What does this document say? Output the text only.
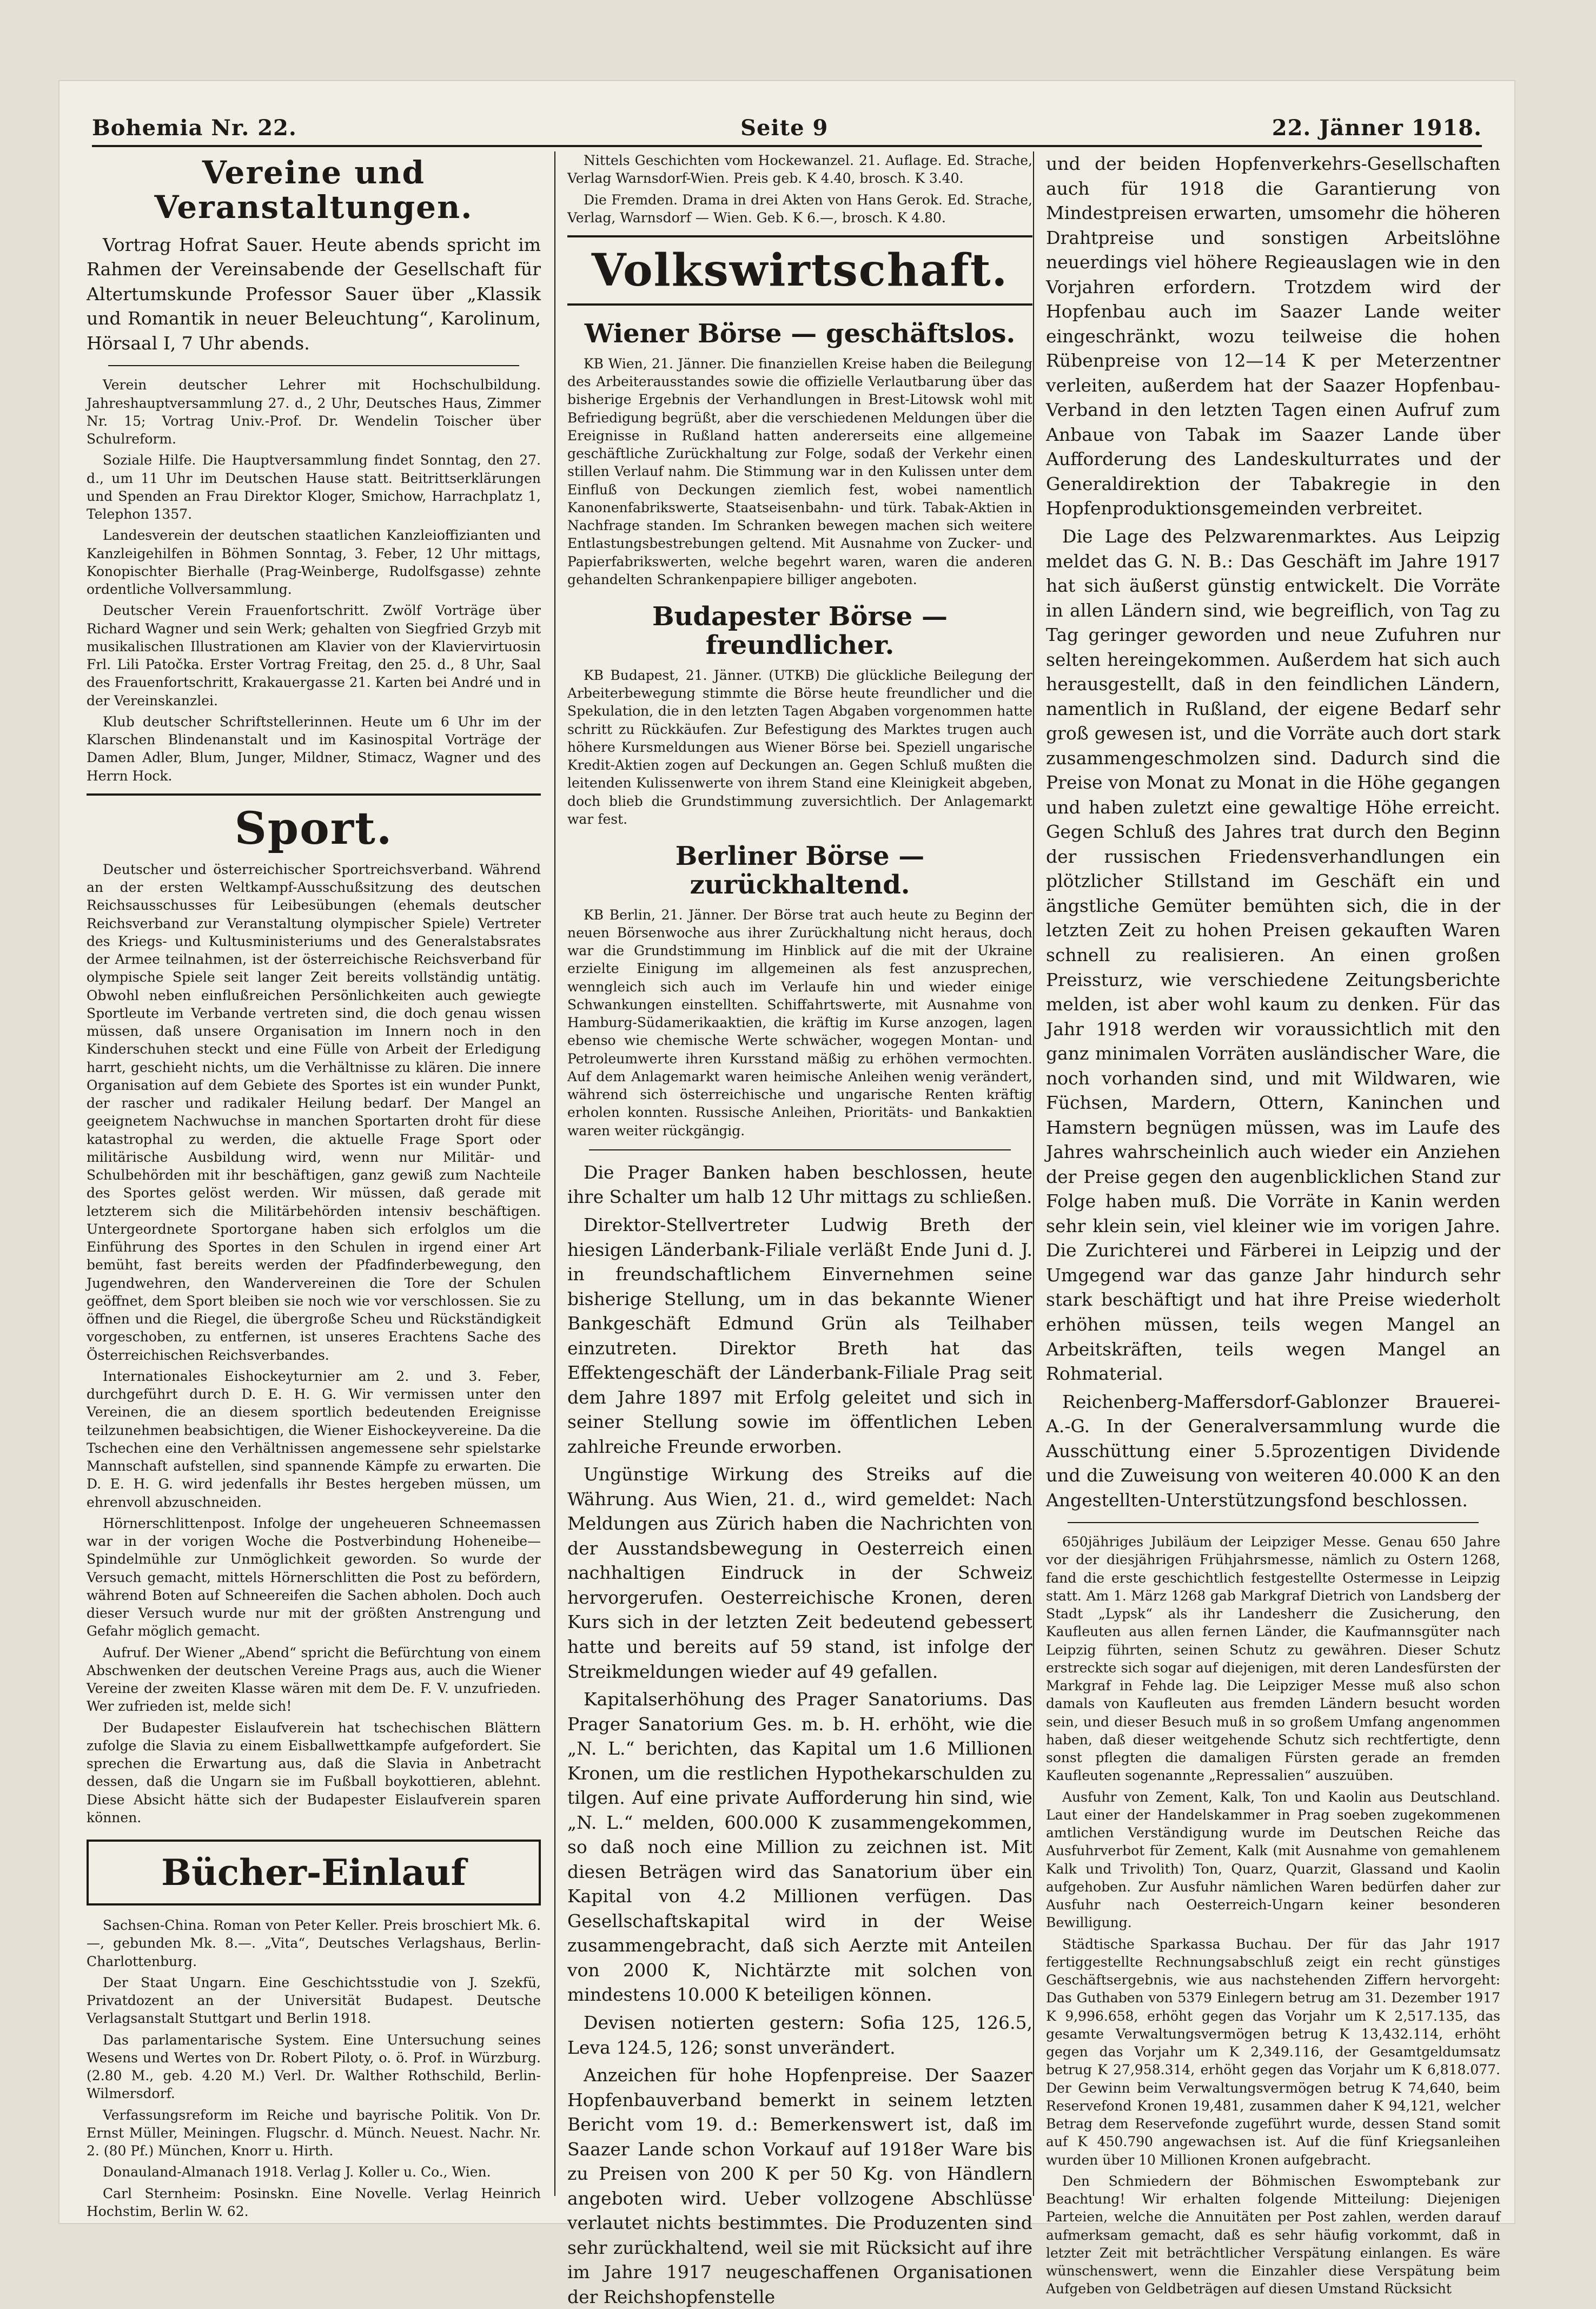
Bohemia Nr. 22.	Seite 9	22. Jänner 1918.
Vereine und Veranstaltungen.

Vortrag Hofrat Sauer. Heute abends spricht im Rahmen der Vereinsabende der Gesellschaft für Altertumskunde Professor Sauer über „Klassik und Romantik in neuer Beleuchtung“, Karolinum, Hörsaal I, 7 Uhr abends.

Verein deutscher Lehrer mit Hochschulbildung. Jahreshauptversammlung 27. d., 2 Uhr, Deutsches Haus, Zimmer Nr. 15; Vortrag Univ.-Prof. Dr. Wendelin Toischer über Schulreform.

Soziale Hilfe. Die Hauptversammlung findet Sonntag, den 27. d., um 11 Uhr im Deutschen Hause statt. Beitrittserklärungen und Spenden an Frau Direktor Kloger, Smichow, Harrachplatz 1, Telephon 1357.

Landesverein der deutschen staatlichen Kanzleioffizianten und Kanzleigehilfen in Böhmen Sonntag, 3. Feber, 12 Uhr mittags, Konopischter Bierhalle (Prag-Weinberge, Rudolfsgasse) zehnte ordentliche Vollversammlung.

Deutscher Verein Frauenfortschritt. Zwölf Vorträge über Richard Wagner und sein Werk; gehalten von Siegfried Grzyb mit musikalischen Illustrationen am Klavier von der Klaviervirtuosin Frl. Lili Patočka. Erster Vortrag Freitag, den 25. d., 8 Uhr, Saal des Frauenfortschritt, Krakauergasse 21. Karten bei André und in der Vereinskanzlei.

Klub deutscher Schriftstellerinnen. Heute um 6 Uhr im der Klarschen Blindenanstalt und im Kasinospital Vorträge der Damen Adler, Blum, Junger, Mildner, Stimacz, Wagner und des Herrn Hock.

Sport.

Deutscher und österreichischer Sportreichsverband. Während an der ersten Weltkampf-Ausschußsitzung des deutschen Reichsausschusses für Leibesübungen (ehemals deutscher Reichsverband zur Veranstaltung olympischer Spiele) Vertreter des Kriegs- und Kultusministeriums und des Generalstabsrates der Armee teilnahmen, ist der österreichische Reichsverband für olympische Spiele seit langer Zeit bereits vollständig untätig. Obwohl neben einflußreichen Persönlichkeiten auch gewiegte Sportleute im Verbande vertreten sind, die doch genau wissen müssen, daß unsere Organisation im Innern noch in den Kinderschuhen steckt und eine Fülle von Arbeit der Erledigung harrt, geschieht nichts, um die Verhältnisse zu klären. Die innere Organisation auf dem Gebiete des Sportes ist ein wunder Punkt, der rascher und radikaler Heilung bedarf. Der Mangel an geeignetem Nachwuchse in manchen Sportarten droht für diese katastrophal zu werden, die aktuelle Frage Sport oder militärische Ausbildung wird, wenn nur Militär- und Schulbehörden mit ihr beschäftigen, ganz gewiß zum Nachteile des Sportes gelöst werden. Wir müssen, daß gerade mit letzterem sich die Militärbehörden intensiv beschäftigen. Untergeordnete Sportorgane haben sich erfolglos um die Einführung des Sportes in den Schulen in irgend einer Art bemüht, fast bereits werden der Pfadfinderbewegung, den Jugendwehren, den Wandervereinen die Tore der Schulen geöffnet, dem Sport bleiben sie noch wie vor verschlossen. Sie zu öffnen und die Riegel, die übergroße Scheu und Rückständigkeit vorgeschoben, zu entfernen, ist unseres Erachtens Sache des Österreichischen Reichsverbandes.

Internationales Eishockeyturnier am 2. und 3. Feber, durchgeführt durch D. E. H. G. Wir vermissen unter den Vereinen, die an diesem sportlich bedeutenden Ereignisse teilzunehmen beabsichtigen, die Wiener Eishockeyvereine. Da die Tschechen eine den Verhältnissen angemessene sehr spielstarke Mannschaft aufstellen, sind spannende Kämpfe zu erwarten. Die D. E. H. G. wird jedenfalls ihr Bestes hergeben müssen, um ehrenvoll abzuschneiden.

Hörnerschlittenpost. Infolge der ungeheueren Schneemassen war in der vorigen Woche die Postverbindung Hoheneibe—Spindelmühle zur Unmöglichkeit geworden. So wurde der Versuch gemacht, mittels Hörnerschlitten die Post zu befördern, während Boten auf Schneereifen die Sachen abholen. Doch auch dieser Versuch wurde nur mit der größten Anstrengung und Gefahr möglich gemacht.

Aufruf. Der Wiener „Abend“ spricht die Befürchtung von einem Abschwenken der deutschen Vereine Prags aus, auch die Wiener Vereine der zweiten Klasse wären mit dem De. F. V. unzufrieden. Wer zufrieden ist, melde sich!

Der Budapester Eislaufverein hat tschechischen Blättern zufolge die Slavia zu einem Eisballwettkampfe aufgefordert. Sie sprechen die Erwartung aus, daß die Slavia in Anbetracht dessen, daß die Ungarn sie im Fußball boykottieren, ablehnt. Diese Absicht hätte sich der Budapester Eislaufverein sparen können.

Bücher-Einlauf

Sachsen-China. Roman von Peter Keller. Preis broschiert Mk. 6.—, gebunden Mk. 8.—. „Vita“, Deutsches Verlagshaus, Berlin-Charlottenburg.

Der Staat Ungarn. Eine Geschichtsstudie von J. Szekfü, Privatdozent an der Universität Budapest. Deutsche Verlagsanstalt Stuttgart und Berlin 1918.

Das parlamentarische System. Eine Untersuchung seines Wesens und Wertes von Dr. Robert Piloty, o. ö. Prof. in Würzburg. (2.80 M., geb. 4.20 M.) Verl. Dr. Walther Rothschild, Berlin-Wilmersdorf.

Verfassungsreform im Reiche und bayrische Politik. Von Dr. Ernst Müller, Meiningen. Flugschr. d. Münch. Neuest. Nachr. Nr. 2. (80 Pf.) München, Knorr u. Hirth.

Donauland-Almanach 1918. Verlag J. Koller u. Co., Wien.

Carl Sternheim: Posinskn. Eine Novelle. Verlag Heinrich Hochstim, Berlin W. 62.

Nittels Geschichten vom Hockewanzel. 21. Auflage. Ed. Strache, Verlag Warnsdorf-Wien. Preis geb. K 4.40, brosch. K 3.40.

Die Fremden. Drama in drei Akten von Hans Gerok. Ed. Strache, Verlag, Warnsdorf — Wien. Geb. K 6.—, brosch. K 4.80.

Volkswirtschaft.
Wiener Börse — geschäftslos.

KB Wien, 21. Jänner. Die finanziellen Kreise haben die Beilegung des Arbeiterausstandes sowie die offizielle Verlautbarung über das bisherige Ergebnis der Verhandlungen in Brest-Litowsk wohl mit Befriedigung begrüßt, aber die verschiedenen Meldungen über die Ereignisse in Rußland hatten andererseits eine allgemeine geschäftliche Zurückhaltung zur Folge, sodaß der Verkehr einen stillen Verlauf nahm. Die Stimmung war in den Kulissen unter dem Einfluß von Deckungen ziemlich fest, wobei namentlich Kanonenfabrikswerte, Staatseisenbahn- und türk. Tabak-Aktien in Nachfrage standen. Im Schranken bewegen machen sich weitere Entlastungsbestrebungen geltend. Mit Ausnahme von Zucker- und Papierfabrikswerten, welche begehrt waren, waren die anderen gehandelten Schrankenpapiere billiger angeboten.

Budapester Börse — freundlicher.

KB Budapest, 21. Jänner. (UTKB) Die glückliche Beilegung der Arbeiterbewegung stimmte die Börse heute freundlicher und die Spekulation, die in den letzten Tagen Abgaben vorgenommen hatte schritt zu Rückkäufen. Zur Befestigung des Marktes trugen auch höhere Kursmeldungen aus Wiener Börse bei. Speziell ungarische Kredit-Aktien zogen auf Deckungen an. Gegen Schluß mußten die leitenden Kulissenwerte von ihrem Stand eine Kleinigkeit abgeben, doch blieb die Grundstimmung zuversichtlich. Der Anlagemarkt war fest.

Berliner Börse — zurückhaltend.

KB Berlin, 21. Jänner. Der Börse trat auch heute zu Beginn der neuen Börsenwoche aus ihrer Zurückhaltung nicht heraus, doch war die Grundstimmung im Hinblick auf die mit der Ukraine erzielte Einigung im allgemeinen als fest anzusprechen, wenngleich sich auch im Verlaufe hin und wieder einige Schwankungen einstellten. Schiffahrtswerte, mit Ausnahme von Hamburg-Südamerikaaktien, die kräftig im Kurse anzogen, lagen ebenso wie chemische Werte schwächer, wogegen Montan- und Petroleumwerte ihren Kursstand mäßig zu erhöhen vermochten. Auf dem Anlagemarkt waren heimische Anleihen wenig verändert, während sich österreichische und ungarische Renten kräftig erholen konnten. Russische Anleihen, Prioritäts- und Bankaktien waren weiter rückgängig.

Die Prager Banken haben beschlossen, heute ihre Schalter um halb 12 Uhr mittags zu schließen.

Direktor-Stellvertreter Ludwig Breth der hiesigen Länderbank-Filiale verläßt Ende Juni d. J. in freundschaftlichem Einvernehmen seine bisherige Stellung, um in das bekannte Wiener Bankgeschäft Edmund Grün als Teilhaber einzutreten. Direktor Breth hat das Effektengeschäft der Länderbank-Filiale Prag seit dem Jahre 1897 mit Erfolg geleitet und sich in seiner Stellung sowie im öffentlichen Leben zahlreiche Freunde erworben.

Ungünstige Wirkung des Streiks auf die Währung. Aus Wien, 21. d., wird gemeldet: Nach Meldungen aus Zürich haben die Nachrichten von der Ausstandsbewegung in Oesterreich einen nachhaltigen Eindruck in der Schweiz hervorgerufen. Oesterreichische Kronen, deren Kurs sich in der letzten Zeit bedeutend gebessert hatte und bereits auf 59 stand, ist infolge der Streikmeldungen wieder auf 49 gefallen.

Kapitalserhöhung des Prager Sanatoriums. Das Prager Sanatorium Ges. m. b. H. erhöht, wie die „N. L.“ berichten, das Kapital um 1.6 Millionen Kronen, um die restlichen Hypothekarschulden zu tilgen. Auf eine private Aufforderung hin sind, wie „N. L.“ melden, 600.000 K zusammengekommen, so daß noch eine Million zu zeichnen ist. Mit diesen Beträgen wird das Sanatorium über ein Kapital von 4.2 Millionen verfügen. Das Gesellschaftskapital wird in der Weise zusammengebracht, daß sich Aerzte mit Anteilen von 2000 K, Nichtärzte mit solchen von mindestens 10.000 K beteiligen können.

Devisen notierten gestern: Sofia 125, 126.5, Leva 124.5, 126; sonst unverändert.

Anzeichen für hohe Hopfenpreise. Der Saazer Hopfenbauverband bemerkt in seinem letzten Bericht vom 19. d.: Bemerkenswert ist, daß im Saazer Lande schon Vorkauf auf 1918er Ware bis zu Preisen von 200 K per 50 Kg. von Händlern angeboten wird. Ueber vollzogene Abschlüsse verlautet nichts bestimmtes. Die Produzenten sind sehr zurückhaltend, weil sie mit Rücksicht auf ihre im Jahre 1917 neugeschaffenen Organisationen der Reichshopfenstelle

und der beiden Hopfenverkehrs-Gesellschaften auch für 1918 die Garantierung von Mindestpreisen erwarten, umsomehr die höheren Drahtpreise und sonstigen Arbeitslöhne neuerdings viel höhere Regieauslagen wie in den Vorjahren erfordern. Trotzdem wird der Hopfenbau auch im Saazer Lande weiter eingeschränkt, wozu teilweise die hohen Rübenpreise von 12—14 K per Meterzentner verleiten, außerdem hat der Saazer Hopfenbau-Verband in den letzten Tagen einen Aufruf zum Anbaue von Tabak im Saazer Lande über Aufforderung des Landeskulturrates und der Generaldirektion der Tabakregie in den Hopfenproduktionsgemeinden verbreitet.

Die Lage des Pelzwarenmarktes. Aus Leipzig meldet das G. N. B.: Das Geschäft im Jahre 1917 hat sich äußerst günstig entwickelt. Die Vorräte in allen Ländern sind, wie begreiflich, von Tag zu Tag geringer geworden und neue Zufuhren nur selten hereingekommen. Außerdem hat sich auch herausgestellt, daß in den feindlichen Ländern, namentlich in Rußland, der eigene Bedarf sehr groß gewesen ist, und die Vorräte auch dort stark zusammengeschmolzen sind. Dadurch sind die Preise von Monat zu Monat in die Höhe gegangen und haben zuletzt eine gewaltige Höhe erreicht. Gegen Schluß des Jahres trat durch den Beginn der russischen Friedensverhandlungen ein plötzlicher Stillstand im Geschäft ein und ängstliche Gemüter bemühten sich, die in der letzten Zeit zu hohen Preisen gekauften Waren schnell zu realisieren. An einen großen Preissturz, wie verschiedene Zeitungsberichte melden, ist aber wohl kaum zu denken. Für das Jahr 1918 werden wir voraussichtlich mit den ganz minimalen Vorräten ausländischer Ware, die noch vorhanden sind, und mit Wildwaren, wie Füchsen, Mardern, Ottern, Kaninchen und Hamstern begnügen müssen, was im Laufe des Jahres wahrscheinlich auch wieder ein Anziehen der Preise gegen den augenblicklichen Stand zur Folge haben muß. Die Vorräte in Kanin werden sehr klein sein, viel kleiner wie im vorigen Jahre. Die Zurichterei und Färberei in Leipzig und der Umgegend war das ganze Jahr hindurch sehr stark beschäftigt und hat ihre Preise wiederholt erhöhen müssen, teils wegen Mangel an Arbeitskräften, teils wegen Mangel an Rohmaterial.

Reichenberg-Maffersdorf-Gablonzer Brauerei-A.-G. In der Generalversammlung wurde die Ausschüttung einer 5.5prozentigen Dividende und die Zuweisung von weiteren 40.000 K an den Angestellten-Unterstützungsfond beschlossen.

650jähriges Jubiläum der Leipziger Messe. Genau 650 Jahre vor der diesjährigen Frühjahrsmesse, nämlich zu Ostern 1268, fand die erste geschichtlich festgestellte Ostermesse in Leipzig statt. Am 1. März 1268 gab Markgraf Dietrich von Landsberg der Stadt „Lypsk“ als ihr Landesherr die Zusicherung, den Kaufleuten aus allen fernen Länder, die Kaufmannsgüter nach Leipzig führten, seinen Schutz zu gewähren. Dieser Schutz erstreckte sich sogar auf diejenigen, mit deren Landesfürsten der Markgraf in Fehde lag. Die Leipziger Messe muß also schon damals von Kaufleuten aus fremden Ländern besucht worden sein, und dieser Besuch muß in so großem Umfang angenommen haben, daß dieser weitgehende Schutz sich rechtfertigte, denn sonst pflegten die damaligen Fürsten gerade an fremden Kaufleuten sogenannte „Repressalien“ auszuüben.

Ausfuhr von Zement, Kalk, Ton und Kaolin aus Deutschland. Laut einer der Handelskammer in Prag soeben zugekommenen amtlichen Verständigung wurde im Deutschen Reiche das Ausfuhrverbot für Zement, Kalk (mit Ausnahme von gemahlenem Kalk und Trivolith) Ton, Quarz, Quarzit, Glassand und Kaolin aufgehoben. Zur Ausfuhr nämlichen Waren bedürfen daher zur Ausfuhr nach Oesterreich-Ungarn keiner besonderen Bewilligung.

Städtische Sparkassa Buchau. Der für das Jahr 1917 fertiggestellte Rechnungsabschluß zeigt ein recht günstiges Geschäftsergebnis, wie aus nachstehenden Ziffern hervorgeht: Das Guthaben von 5379 Einlegern betrug am 31. Dezember 1917 K 9,996.658, erhöht gegen das Vorjahr um K 2,517.135, das gesamte Verwaltungsvermögen betrug K 13,432.114, erhöht gegen das Vorjahr um K 2,349.116, der Gesamtgeldumsatz betrug K 27,958.314, erhöht gegen das Vorjahr um K 6,818.077. Der Gewinn beim Verwaltungsvermögen betrug K 74,640, beim Reservefond Kronen 19,481, zusammen daher K 94,121, welcher Betrag dem Reservefonde zugeführt wurde, dessen Stand somit auf K 450.790 angewachsen ist. Auf die fünf Kriegsanleihen wurden über 10 Millionen Kronen aufgebracht.

Den Schmiedern der Böhmischen Eswomptebank zur Beachtung! Wir erhalten folgende Mitteilung: Diejenigen Parteien, welche die Annuitäten per Post zahlen, werden darauf aufmerksam gemacht, daß es sehr häufig vorkommt, daß in letzter Zeit mit beträchtlicher Verspätung einlangen. Es wäre wünschenswert, wenn die Einzahler diese Verspätung beim Aufgeben von Geldbeträgen auf diesen Umstand Rücksicht
